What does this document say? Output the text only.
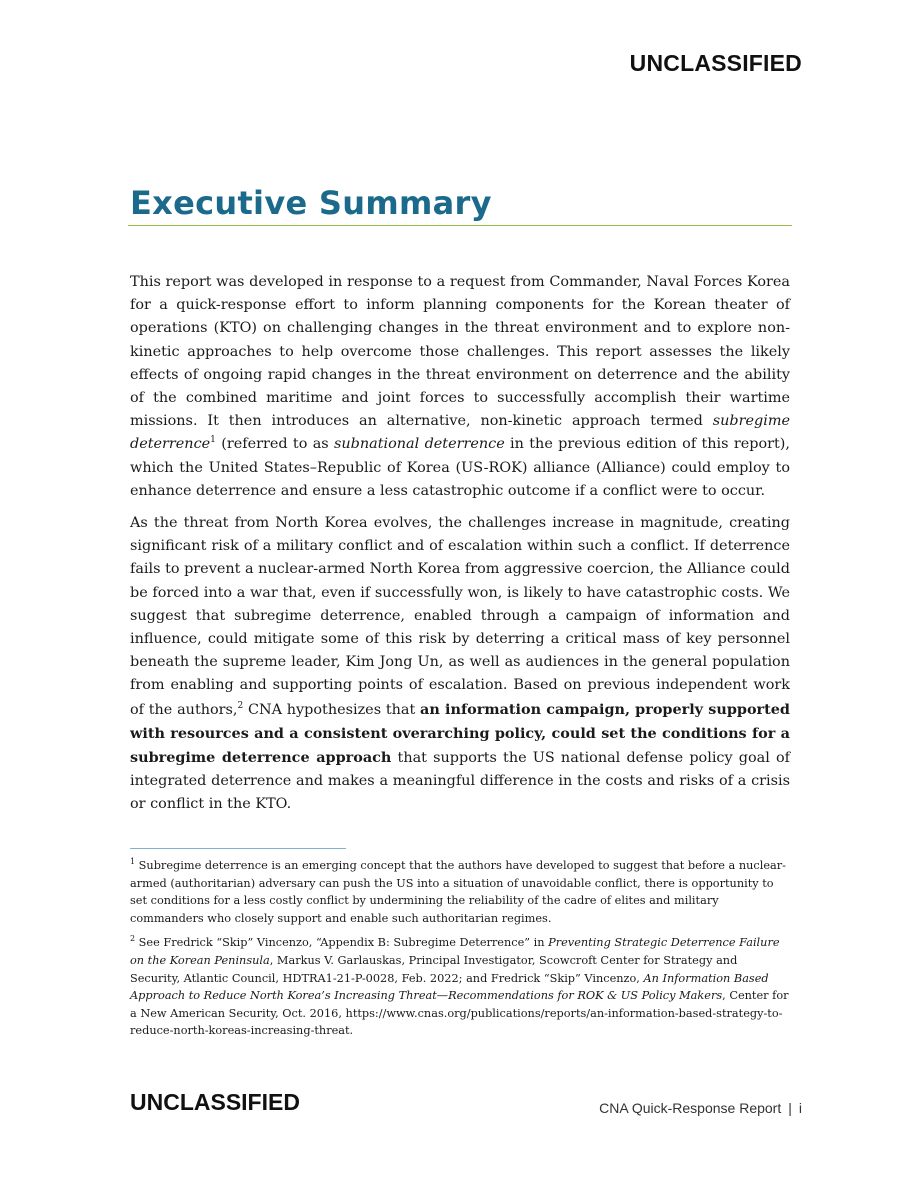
UNCLASSIFIED
Executive Summary

This report was developed in response to a request from Commander, Naval Forces Korea for a quick-response effort to inform planning components for the Korean theater of operations (KTO) on challenging changes in the threat environment and to explore non-kinetic approaches to help overcome those challenges. This report assesses the likely effects of ongoing rapid changes in the threat environment on deterrence and the ability of the combined maritime and joint forces to successfully accomplish their wartime missions. It then introduces an alternative, non-kinetic approach termed subregime deterrence$^1$ (referred to as subnational deterrence in the previous edition of this report), which the United States–Republic of Korea (US-ROK) alliance (Alliance) could employ to enhance deterrence and ensure a less catastrophic outcome if a conflict were to occur.

As the threat from North Korea evolves, the challenges increase in magnitude, creating significant risk of a military conflict and of escalation within such a conflict. If deterrence fails to prevent a nuclear-armed North Korea from aggressive coercion, the Alliance could be forced into a war that, even if successfully won, is likely to have catastrophic costs. We suggest that subregime deterrence, enabled through a campaign of information and influence, could mitigate some of this risk by deterring a critical mass of key personnel beneath the supreme leader, Kim Jong Un, as well as audiences in the general population from enabling and supporting points of escalation. Based on previous independent work of the authors,$^2$ CNA hypothesizes that an information campaign, properly supported with resources and a consistent overarching policy, could set the conditions for a subregime deterrence approach that supports the US national defense policy goal of integrated deterrence and makes a meaningful difference in the costs and risks of a crisis or conflict in the KTO.

$^1$ Subregime deterrence is an emerging concept that the authors have developed to suggest that before a nuclear-armed (authoritarian) adversary can push the US into a situation of unavoidable conflict, there is opportunity to set conditions for a less costly conflict by undermining the reliability of the cadre of elites and military commanders who closely support and enable such authoritarian regimes.

$^2$ See Fredrick “Skip” Vincenzo, “Appendix B: Subregime Deterrence” in Preventing Strategic Deterrence Failure on the Korean Peninsula, Markus V. Garlauskas, Principal Investigator, Scowcroft Center for Strategy and Security, Atlantic Council, HDTRA1-21-P-0028, Feb. 2022; and Fredrick “Skip” Vincenzo, An Information Based Approach to Reduce North Korea’s Increasing Threat—Recommendations for ROK & US Policy Makers, Center for a New American Security, Oct. 2016, https://www.cnas.org/publications/reports/an-information-based-strategy-to-reduce-north-koreas-increasing-threat.

UNCLASSIFIED	CNA Quick-Response Report | i
